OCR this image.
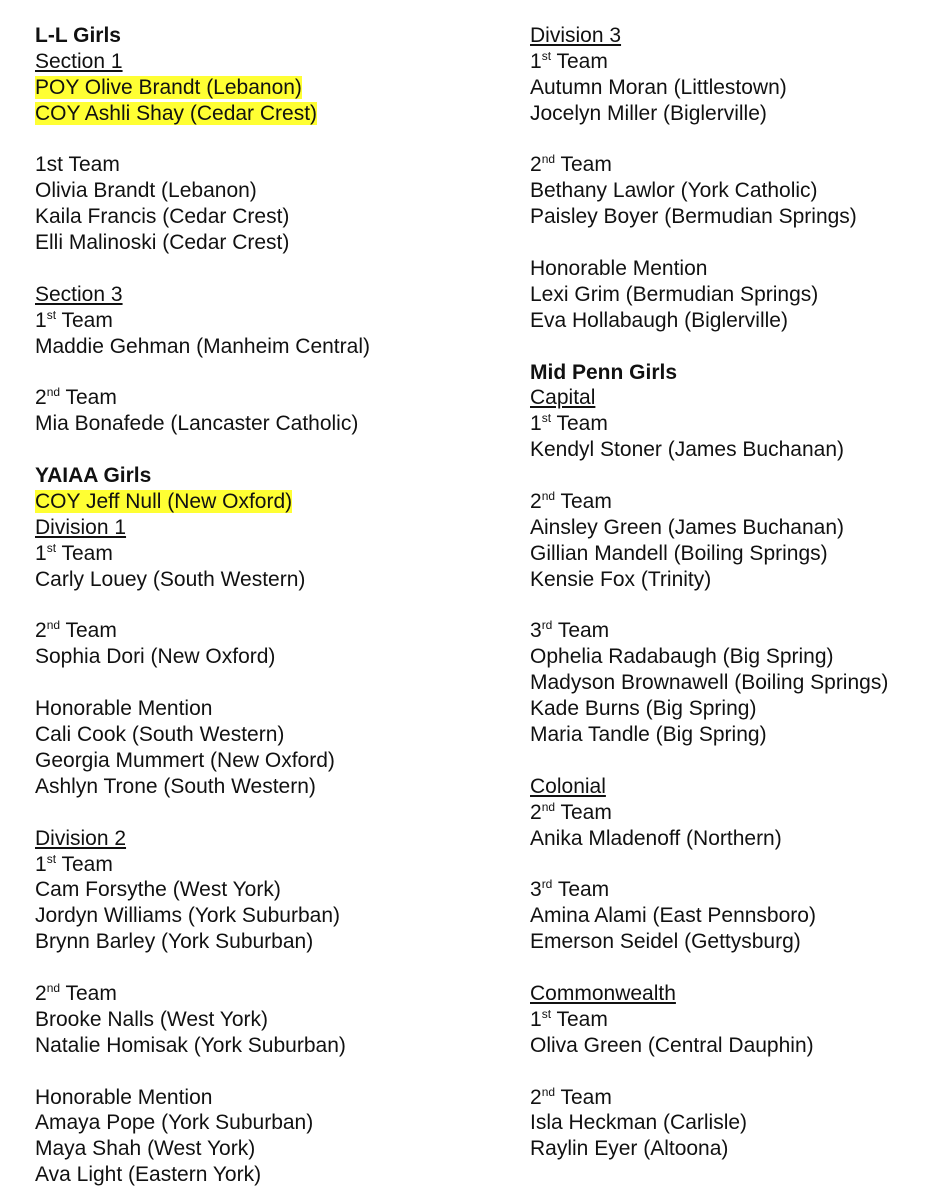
L-L Girls
Section 1
POY Olive Brandt (Lebanon)
COY Ashli Shay (Cedar Crest)
1st Team
Olivia Brandt (Lebanon)
Kaila Francis (Cedar Crest)
Elli Malinoski (Cedar Crest)
Section 3
1st Team
Maddie Gehman (Manheim Central)
2nd Team
Mia Bonafede (Lancaster Catholic)
YAIAA Girls
COY Jeff Null (New Oxford)
Division 1
1st Team
Carly Louey (South Western)
2nd Team
Sophia Dori (New Oxford)
Honorable Mention
Cali Cook (South Western)
Georgia Mummert (New Oxford)
Ashlyn Trone (South Western)
Division 2
1st Team
Cam Forsythe (West York)
Jordyn Williams (York Suburban)
Brynn Barley (York Suburban)
2nd Team
Brooke Nalls (West York)
Natalie Homisak (York Suburban)
Honorable Mention
Amaya Pope (York Suburban)
Maya Shah (West York)
Ava Light (Eastern York)
Division 3
1st Team
Autumn Moran (Littlestown)
Jocelyn Miller (Biglerville)
2nd Team
Bethany Lawlor (York Catholic)
Paisley Boyer (Bermudian Springs)
Honorable Mention
Lexi Grim (Bermudian Springs)
Eva Hollabaugh (Biglerville)
Mid Penn Girls
Capital
1st Team
Kendyl Stoner (James Buchanan)
2nd Team
Ainsley Green (James Buchanan)
Gillian Mandell (Boiling Springs)
Kensie Fox (Trinity)
3rd Team
Ophelia Radabaugh (Big Spring)
Madyson Brownawell (Boiling Springs)
Kade Burns (Big Spring)
Maria Tandle (Big Spring)
Colonial
2nd Team
Anika Mladenoff (Northern)
3rd Team
Amina Alami (East Pennsboro)
Emerson Seidel (Gettysburg)
Commonwealth
1st Team
Oliva Green (Central Dauphin)
2nd Team
Isla Heckman (Carlisle)
Raylin Eyer (Altoona)
